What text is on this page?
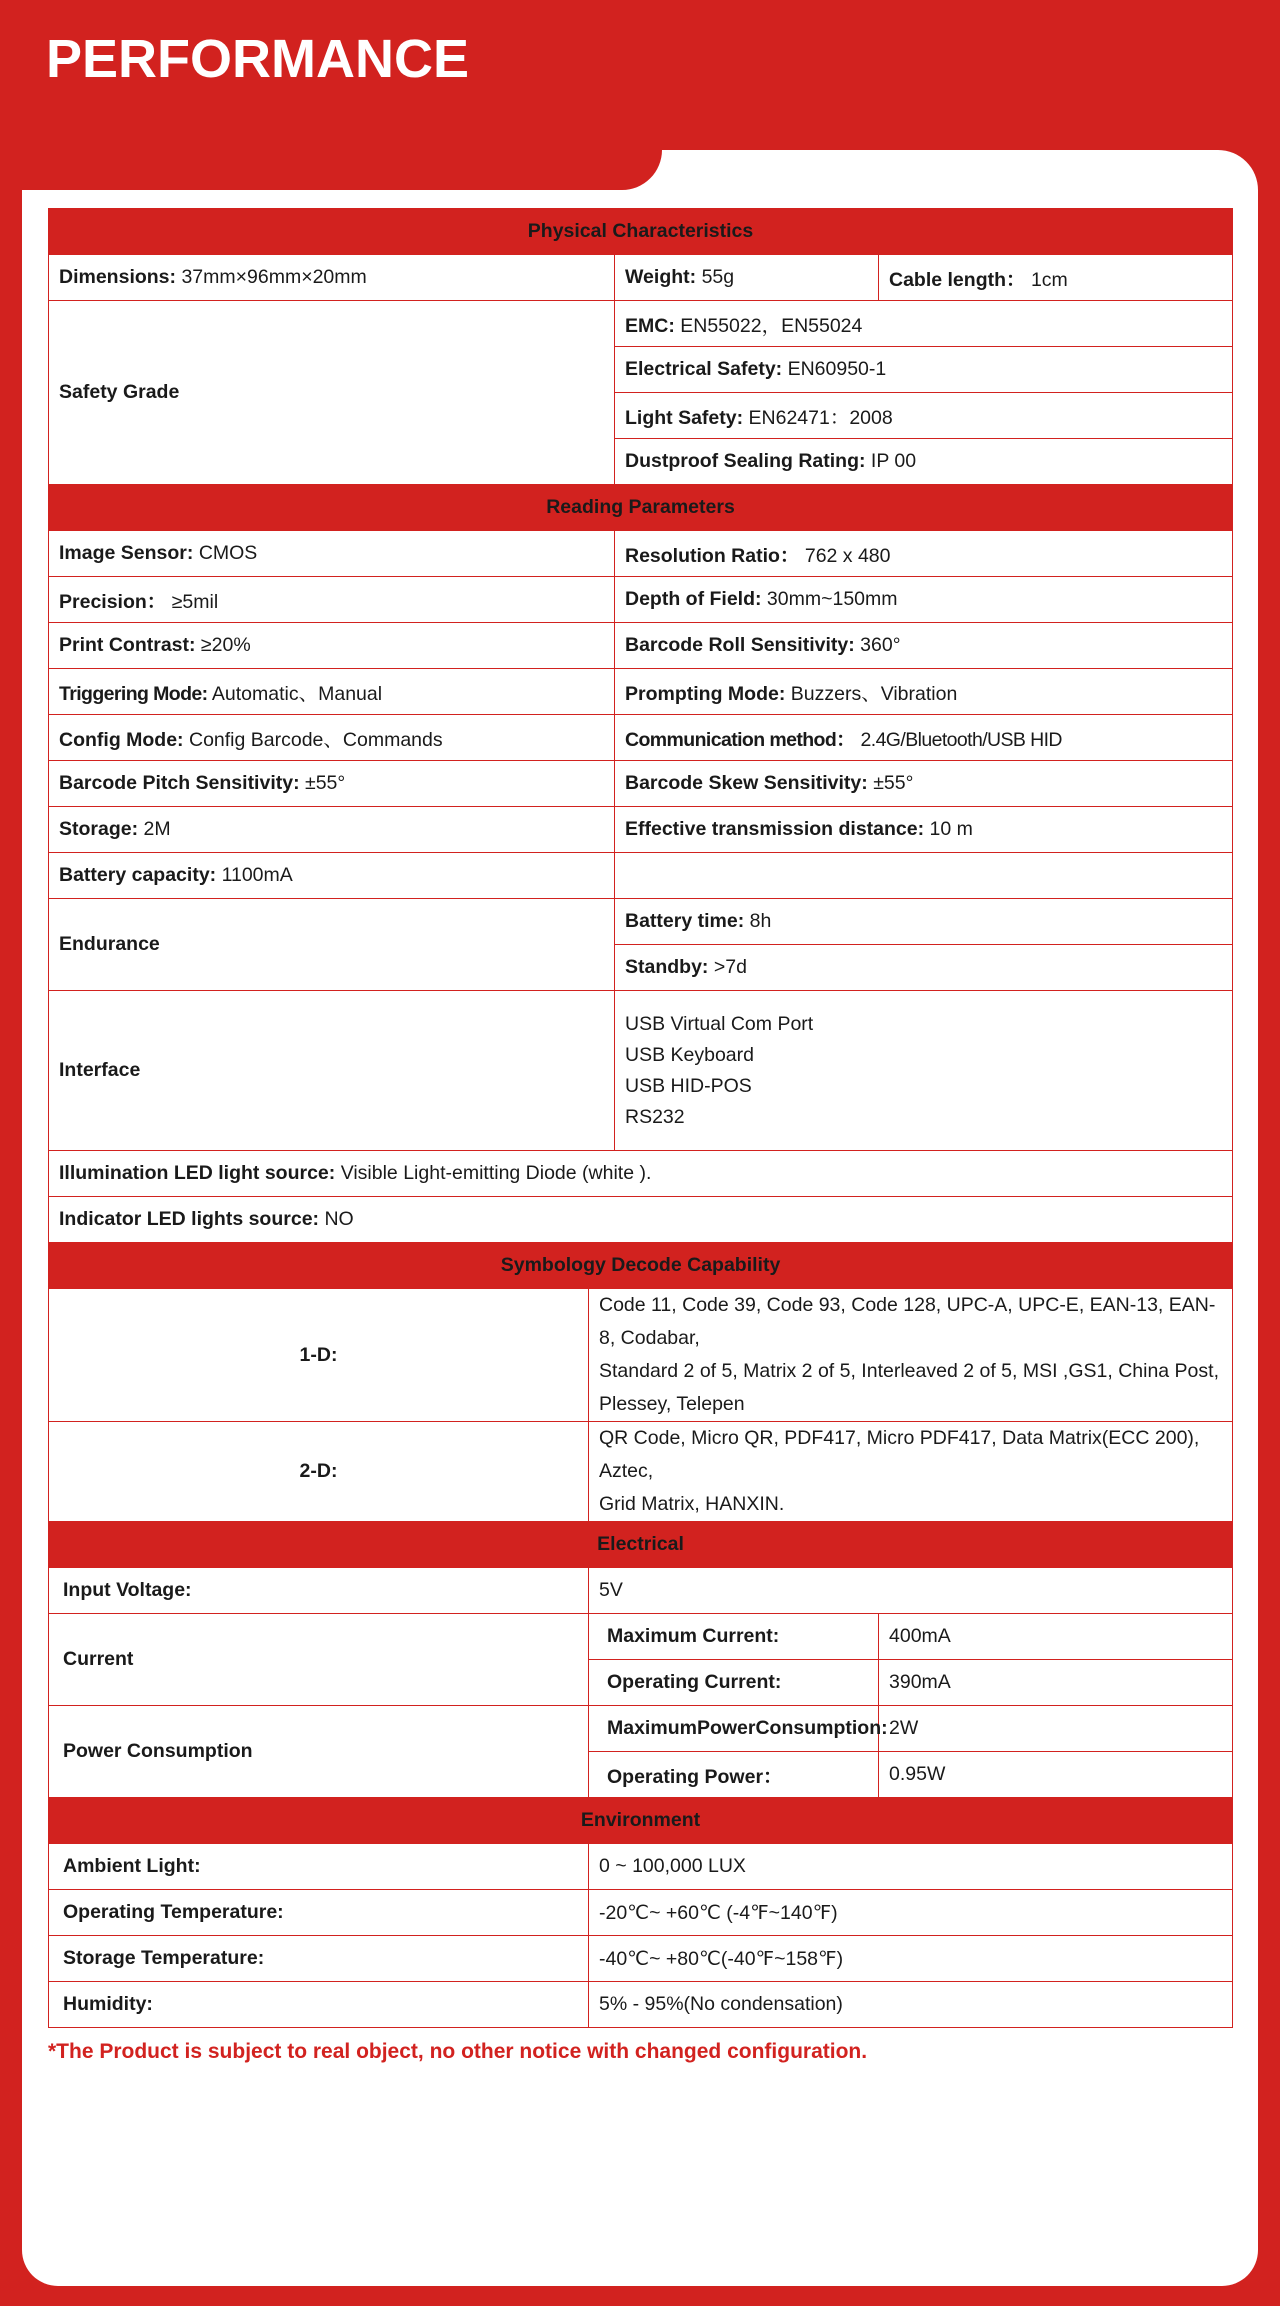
PERFORMANCE
Physical Characteristics			
Dimensions: 37mm×96mm×20mm		Weight: 55g	Cable length： 1cm
Safety Grade		EMC: EN55022，EN55024	
		Electrical Safety: EN60950-1	
		Light Safety: EN62471：2008	
		Dustproof Sealing Rating: IP 00	
Reading Parameters			
Image Sensor: CMOS		Resolution Ratio： 762 x 480	
Precision： ≥5mil		Depth of Field: 30mm~150mm	
Print Contrast: ≥20%		Barcode Roll Sensitivity: 360°	
Triggering Mode: Automatic、Manual		Prompting Mode: Buzzers、Vibration	
Config Mode: Config Barcode、Commands		Communication method： 2.4G/Bluetooth/USB HID	
Barcode Pitch Sensitivity: ±55°		Barcode Skew Sensitivity: ±55°	
Storage: 2M		Effective transmission distance: 10 m	
Battery capacity: 1100mA			
Endurance		Battery time: 8h	
		Standby: >7d	
Interface		USB Virtual Com Port
USB Keyboard
USB HID-POS
RS232	

Illumination LED light source: Visible Light-emitting Diode (white ).			
Indicator LED lights source: NO			
Symbology Decode Capability			
1-D:	Code 11, Code 39, Code 93, Code 128, UPC-A, UPC-E, EAN-13, EAN-8, Codabar,
Standard 2 of 5, Matrix 2 of 5, Interleaved 2 of 5, MSI ,GS1, China Post, Plessey, Telepen		

2-D:	QR Code, Micro QR, PDF417, Micro PDF417, Data Matrix(ECC 200), Aztec,
Grid Matrix, HANXIN.		

Electrical			
Input Voltage:	5V		
Current	Maximum Current:		400mA
	Operating Current:		390mA
Power Consumption	MaximumPowerConsumption:		2W
	Operating Power：		0.95W
Environment			
Ambient Light:	0 ~ 100,000 LUX		
Operating Temperature:	-20℃~ +60℃ (-4℉~140℉)		
Storage Temperature:	-40℃~ +80℃(-40℉~158℉)		
Humidity:	5% - 95%(No condensation)		
*The Product is subject to real object, no other notice with changed configuration.
